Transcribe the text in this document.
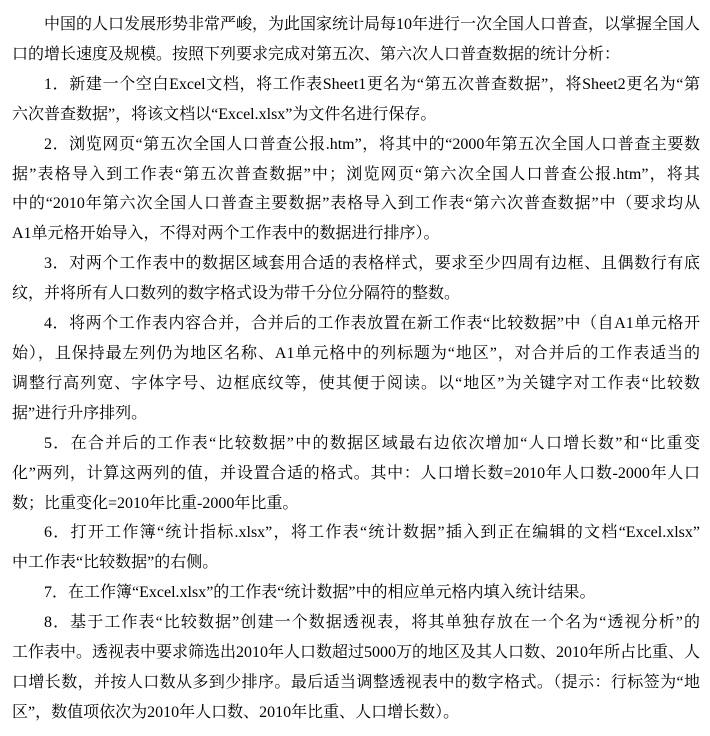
中国的人口发展形势非常严峻，为此国家统计局每10年进行一次全国人口普查，以掌握全国人
口的增长速度及规模。按照下列要求完成对第五次、第六次人口普查数据的统计分析：
1．新建一个空白Excel文档，将工作表Sheet1更名为“第五次普查数据”，将Sheet2更名为“第
六次普查数据”，将该文档以“Excel.xlsx”为文件名进行保存。
2．浏览网页“第五次全国人口普查公报.htm”，将其中的“2000年第五次全国人口普查主要数
据”表格导入到工作表“第五次普查数据”中；浏览网页“第六次全国人口普查公报.htm”，将其
中的“2010年第六次全国人口普查主要数据”表格导入到工作表“第六次普查数据”中（要求均从
A1单元格开始导入，不得对两个工作表中的数据进行排序）。
3．对两个工作表中的数据区域套用合适的表格样式，要求至少四周有边框、且偶数行有底
纹，并将所有人口数列的数字格式设为带千分位分隔符的整数。
4．将两个工作表内容合并，合并后的工作表放置在新工作表“比较数据”中（自A1单元格开
始），且保持最左列仍为地区名称、A1单元格中的列标题为“地区”，对合并后的工作表适当的
调整行高列宽、字体字号、边框底纹等，使其便于阅读。以“地区”为关键字对工作表“比较数
据”进行升序排列。
5．在合并后的工作表“比较数据”中的数据区域最右边依次增加“人口增长数”和“比重变
化”两列，计算这两列的值，并设置合适的格式。其中：人口增长数=2010年人口数-2000年人口
数；比重变化=2010年比重-2000年比重。
6．打开工作簿“统计指标.xlsx”，将工作表“统计数据”插入到正在编辑的文档“Excel.xlsx”
中工作表“比较数据”的右侧。
7．在工作簿“Excel.xlsx”的工作表“统计数据”中的相应单元格内填入统计结果。
8．基于工作表“比较数据”创建一个数据透视表，将其单独存放在一个名为“透视分析”的
工作表中。透视表中要求筛选出2010年人口数超过5000万的地区及其人口数、2010年所占比重、人
口增长数，并按人口数从多到少排序。最后适当调整透视表中的数字格式。（提示：行标签为“地
区”，数值项依次为2010年人口数、2010年比重、人口增长数）。
